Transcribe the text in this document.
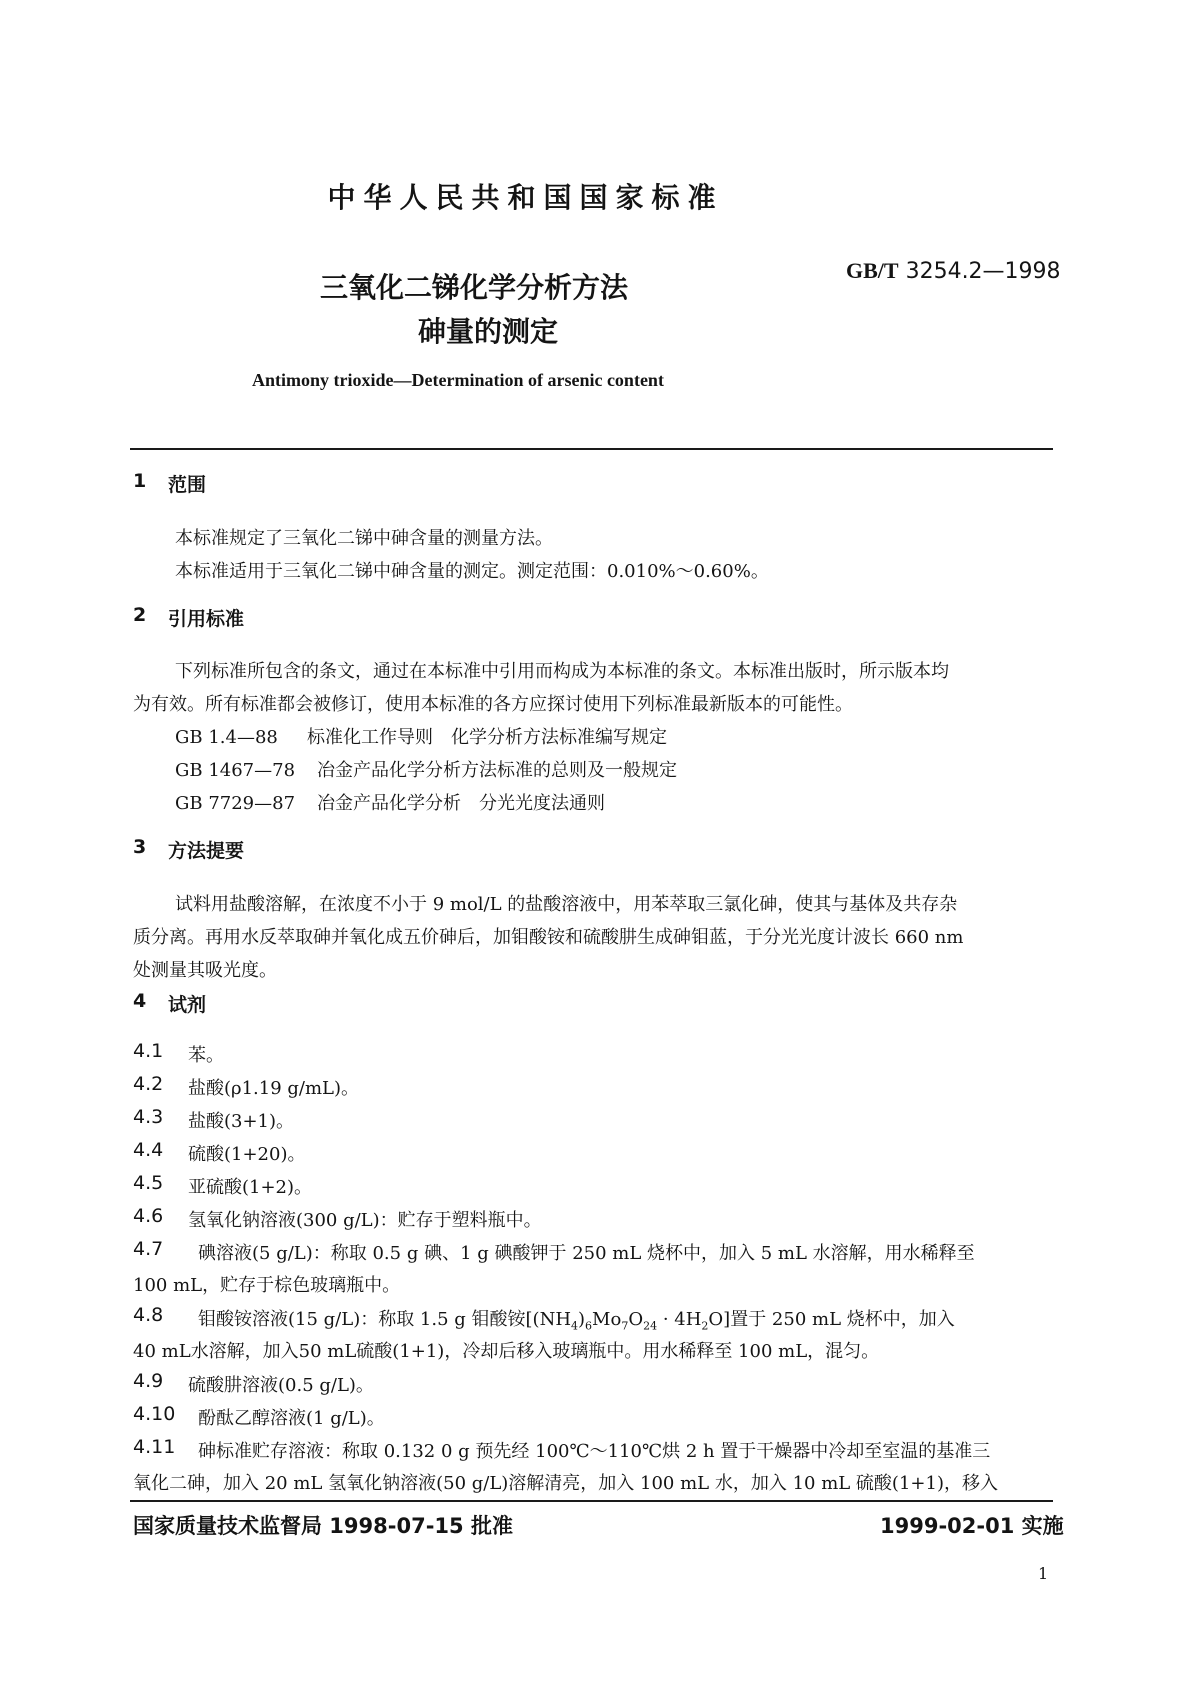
中华人民共和国国家标准
GB/T 3254.2—1998
三氧化二锑化学分析方法
砷量的测定
Antimony trioxide—Determination of arsenic content
1 范围
本标准规定了三氧化二锑中砷含量的测量方法。
本标准适用于三氧化二锑中砷含量的测定。测定范围：0.010%～0.60%。
2 引用标准
下列标准所包含的条文，通过在本标准中引用而构成为本标准的条文。本标准出版时，所示版本均
为有效。所有标准都会被修订，使用本标准的各方应探讨使用下列标准最新版本的可能性。
GB 1.4—88 标准化工作导则　化学分析方法标准编写规定
GB 1467—78 冶金产品化学分析方法标准的总则及一般规定
GB 7729—87 冶金产品化学分析　分光光度法通则
3 方法提要
试料用盐酸溶解，在浓度不小于 9 mol/L 的盐酸溶液中，用苯萃取三氯化砷，使其与基体及共存杂
质分离。再用水反萃取砷并氧化成五价砷后，加钼酸铵和硫酸肼生成砷钼蓝，于分光光度计波长 660 nm
处测量其吸光度。
4 试剂
4.1 苯。
4.2 盐酸(ρ1.19 g/mL)。
4.3 盐酸(3+1)。
4.4 硫酸(1+20)。
4.5 亚硫酸(1+2)。
4.6 氢氧化钠溶液(300 g/L)：贮存于塑料瓶中。
4.7 碘溶液(5 g/L)：称取 0.5 g 碘、1 g 碘酸钾于 250 mL 烧杯中，加入 5 mL 水溶解，用水稀释至
100 mL，贮存于棕色玻璃瓶中。
4.8 钼酸铵溶液(15 g/L)：称取 1.5 g 钼酸铵$[(NH_4)_6Mo_7O_{24} \cdot 4H_2O]$置于 250 mL 烧杯中，加入
40 mL水溶解，加入50 mL硫酸(1+1)，冷却后移入玻璃瓶中。用水稀释至 100 mL，混匀。
4.9 硫酸肼溶液(0.5 g/L)。
4.10 酚酞乙醇溶液(1 g/L)。
4.11 砷标准贮存溶液：称取 0.132 0 g 预先经 100℃～110℃烘 2 h 置于干燥器中冷却至室温的基准三
国家质量技术监督局 1998-07-15 批准	1999-02-01 实施
1
氧化二砷，加入 20 mL 氢氧化钠溶液(50 g/L)溶解清亮，加入 100 mL 水，加入 10 mL 硫酸(1+1)，移入
